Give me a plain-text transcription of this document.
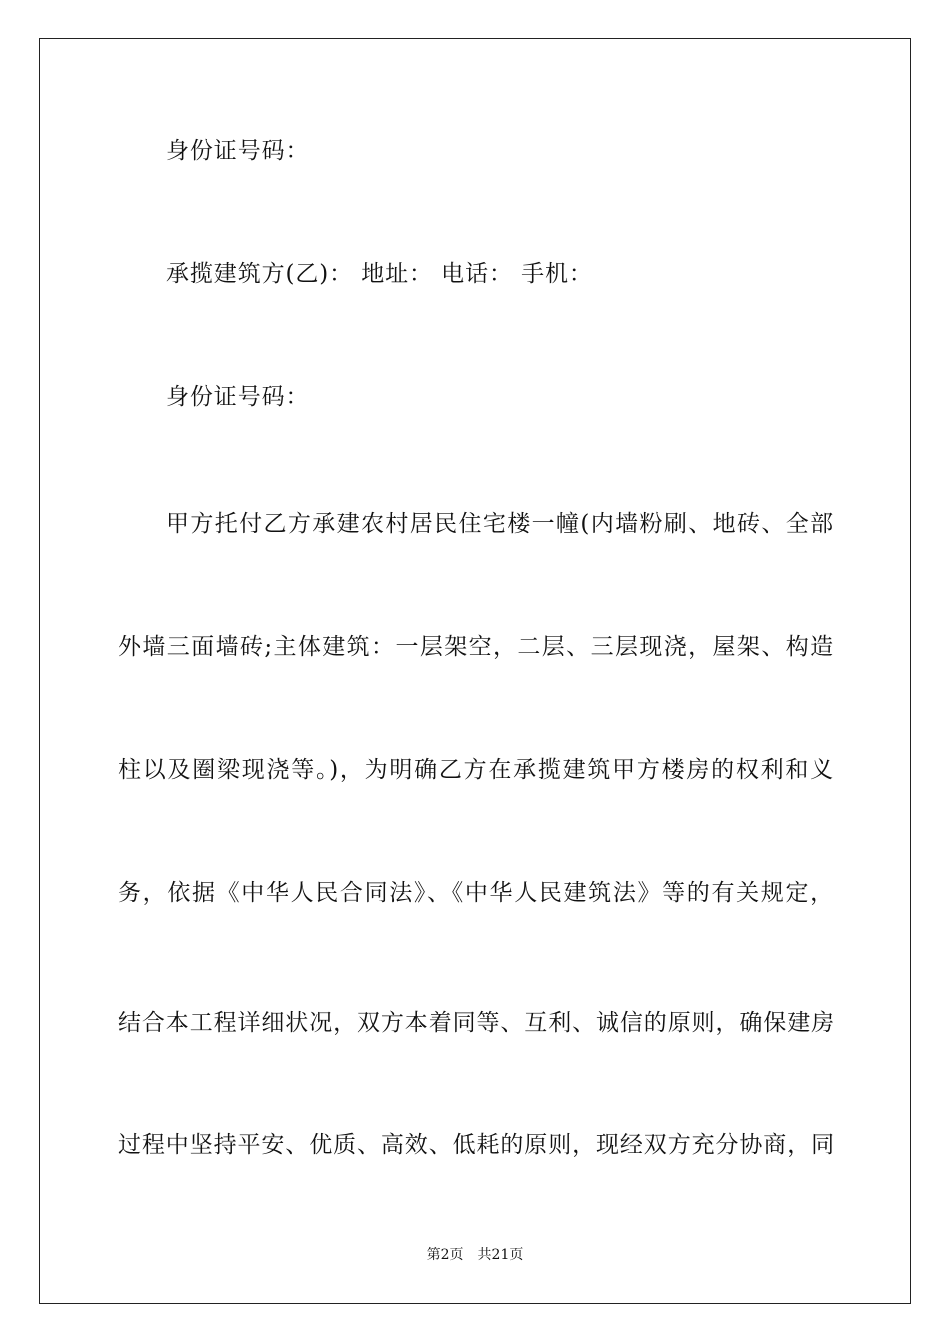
身份证号码：
承揽建筑方(乙)： 地址： 电话： 手机：
身份证号码：
甲方托付乙方承建农村居民住宅楼一幢(内墙粉刷、地砖、全部
外墙三面墙砖;主体建筑：一层架空，二层、三层现浇，屋架、构造
柱以及圈梁现浇等。)，为明确乙方在承揽建筑甲方楼房的权利和义
务，依据《中华人民合同法》、《中华人民建筑法》等的有关规定，
结合本工程详细状况，双方本着同等、互利、诚信的原则，确保建房
过程中坚持平安、优质、高效、低耗的原则，现经双方充分协商，同
第2页 共21页
